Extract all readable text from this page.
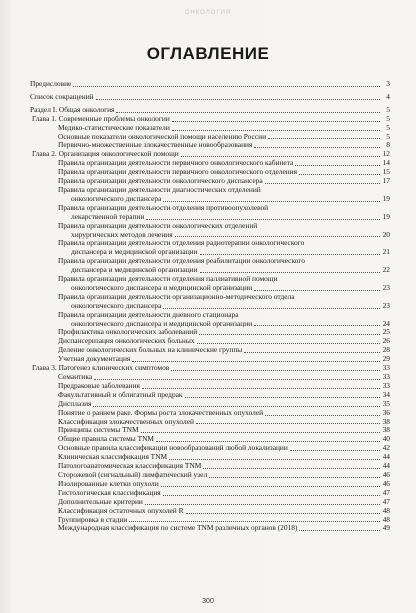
ОНКОЛОГИЯ
ОГЛАВЛЕНИЕ
Предисловие	3
Список сокращений	4
Раздел I. Общая онкология	5
Глава 1. Современные проблемы онкологии	5
Медико-статистические показатели	5
Основные показатели онкологической помощи населению России	5
Первично-множественные злокачественные новообразования	8
Глава 2. Организация онкологической помощи	12
Правила организации деятельности первичного онкологического кабинета	14
Правила организации деятельности первичного онкологического отделения	15
Правила организации деятельности онкологического диспансера	17
Правила организации деятельности диагностических отделений
онкологического диспансера	19
Правила организации деятельности отделения противоопухолевой
лекарственной терапии	19
Правила организации деятельности онкологических отделений
хирургических методов лечения	20
Правила организации деятельности отделения радиотерапии онкологического
диспансера и медицинской организации	21
Правила организации деятельности отделения реабилитации онкологического
диспансера и медицинской организации	22
Правила организации деятельности отделения паллиативной помощи
онкологического диспансера и медицинской организации	23
Правила организации деятельности организационно-методического отдела
онкологического диспансера	23
Правила организации деятельности дневного стационара
онкологического диспансера и медицинской организации	24
Профилактика онкологических заболеваний	25
Диспансеризация онкологических больных	26
Деление онкологических больных на клинические группы	28
Учетная документация	29
Глава 3. Патогенез клинических симптомов	33
Семантика	33
Предраковые заболевания	33
Факультативный и облигатный предрак	34
Дисплазия	35
Понятие о раннем раке. Формы роста злокачественных опухолей	36
Классификация злокачественных опухолей	38
Принципы системы TNM	38
Общие правила системы TNM	40
Основные правила классификации новообразований любой локализации	42
Клиническая классификация TNM	44
Патологоанатомическая классификация TNM	44
Сторожевой (сигнальный) лимфатический узел	46
Изолированные клетки опухоли	46
Гистологическая классификация	47
Дополнительные критерии	47
Классификация остаточных опухолей R	48
Группировка в стадии	48
Международная классификация по системе TNM различных органов (2018)	49
300
